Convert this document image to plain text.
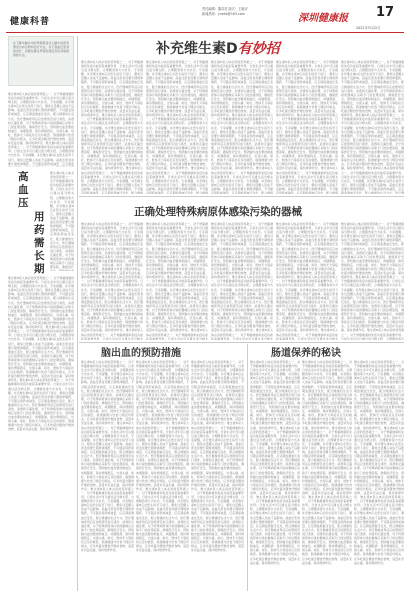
健康科普
责任编辑：董卓英 版式：王晓卉
新闻热线：yuehk@163.com	深圳健康报 17
2022年3月22日
在下降中脑卒中的早期患者在大脑中的使用情况分析诊断和治疗方法，对于高血压患者的治疗，需要在确定早期发现后及时采取措施的方法。
维生素D是人体必需的营养素之一，对于骨骼健康和免疫功能起着重要作用。日常生活中可以通过适当晒太阳、合理膳食等方式补充。专家提醒，补充维生素D应在医生指导下进行，避免过量摄入造成不良影响。高血压患者需要长期规律服药，不可随意停药或减量，应定期监测血压变化，配合健康的生活方式。医疗器械使用后应按照规范进行清洗、消毒和灭菌处理，对于特殊病原体污染的器械应采取专门的处理流程，确保医疗安全。预防脑出血需要控制血压、戒烟限酒、保持情绪稳定，出现头痛、呕吐、肢体无力等症状应及时就医。肠道健康与饮食习惯密切相关，应多吃富含膳食纤维的食物，适量补充益生菌，保持规律作息。维生素D是人体必需的营养素之一，对于骨骼健康和免疫功能起着重要作用。日常生活中可以通过适当晒太阳、合理膳食等方式补充。专家提醒，补充维生素D应在医生指导下进行，避免过量摄入造成不良影响。高血压患者需要长期规律服药，不可随意停药或减量，应定期监
高
血
压
用
药
需
长
期
维生素D是人体必需的营养素之一，对于骨骼健康和免疫功能起着重要作用。日常生活中可以通过适当晒太阳、合理膳食等方式补充。专家提醒，补充维生素D应在医生指导下进行，避免过量摄入造成不良影响。高血压患者需要长期规律服药，不可随意停药或减量，应定期监测血压变化，配合健康的生活方式。医疗器械使用后应按照规范进行清洗、消毒和灭菌处理，对于特殊病原体污染的器械应采取专门的处理流程，确保医疗
维生素D是人体必需的营养素之一，对于骨骼健康和免疫功能起着重要作用。日常生活中可以通过适当晒太阳、合理膳食等方式补充。专家提醒，补充维生素D应在医生指导下进行，避免过量摄入造成不良影响。高血压患者需要长期规律服药，不可随意停药或减量，应定期监测血压变化，配合健康的生活方式。医疗器械使用后应按照规范进行清洗、消毒和灭菌处理，对于特殊病原体污染的器械应采取专门的处理流程，确保医疗安全。预防脑出血需要控制血压、戒烟限酒、保持情绪稳定，出现头痛、呕吐、肢体无力等症状应及时就医。肠道健康与饮食习惯密切相关，应多吃富含膳食纤维的食物，适量补充益生菌，保持规律作息。维生素D是人体必需的营养素之一，对于骨骼健康和免疫功能起着重要作用。日常生活中可以通过适当晒太阳、合理膳食等方式补充。专家提醒，补充维生素D应在医生指导下进行，避免过量摄入造成不良影响。高血压患者需要长期规律服药，不可随意停药或减量，应定期监测血压变化，配合健康的生活方式。医疗器械使用后应按照规范进行清洗、消毒和灭菌处理，对于特殊病原体污染的器械应采取专门的处理流程，确保医疗安全。预防脑出血需要控制血压、戒烟限酒、保持情绪稳定，出现头痛、呕吐、肢体无力等症状应及时就医。肠道健康与饮食习惯密切相关，应多吃富含膳食纤维的食物，适量补充益生菌，保持规律作息。维生素D是人体必需的营养素之一，对于骨骼健康和免疫功能起着重要作用。日常生活中可以通过适当晒太阳、合理膳食等方式补充。专家提醒，补充维生素D应在医生指导下进行，避免过量摄入造成不良影响。高血压患者需要长期规律服药，不可随意停药或减量，应定期监测血压变化，配合健康的生活方式。医疗器械使用后应按照规范进行清洗、消毒和灭菌处理，对于特殊病原体污染的器械应采取专门的处理流程，确保医疗安全。预防脑出血需要控制血压、戒烟限酒、保持情绪稳定，出现头痛、呕吐、肢体无力等症状应及时就医。肠道健康与饮食习惯密切相关，应多吃富含膳食纤维的食物，适量补充益生菌，保持规律作息。
补充维生素D有妙招
维生素D是人体必需的营养素之一，对于骨骼健康和免疫功能起着重要作用。日常生活中可以通过适当晒太阳、合理膳食等方式补充。专家提醒，补充维生素D应在医生指导下进行，避免过量摄入造成不良影响。高血压患者需要长期规律服药，不可随意停药或减量，应定期监测血压变化，配合健康的生活方式。医疗器械使用后应按照规范进行清洗、消毒和灭菌处理，对于特殊病原体污染的器械应采取专门的处理流程，确保医疗安全。预防脑出血需要控制血压、戒烟限酒、保持情绪稳定，出现头痛、呕吐、肢体无力等症状应及时就医。肠道健康与饮食习惯密切相关，应多吃富含膳食纤维的食物，适量补充益生菌，保持规律作息。维生素D是人体必需的营养素之一，对于骨骼健康和免疫功能起着重要作用。日常生活中可以通过适当晒太阳、合理膳食等方式补充。专家提醒，补充维生素D应在医生指导下进行，避免过量摄入造成不良影响。高血压患者需要长期规律服药，不可随意停药或减量，应定期监测血压变化，配合健康的生活方式。医疗器械使用后应按照规范进行清洗、消毒和灭菌处理，对于特殊病原体污染的器械应采取专门的处理流程，确保医疗安全。预防脑出血需要控制血压、戒烟限酒、保持情绪稳定，出现头痛、呕吐、肢体无力等症状应及时就医。肠道健康与饮食习惯密切相关，应多吃富含膳食纤维的食物，适量补充益生菌，保持规律作息。维生素D是人体必需的营养素之一，对于骨骼健康和免疫功能起着重要作用。日常生活中可以通过适当晒太阳、合理膳食等方式补充。专家提醒，补充维生素D应在医生指导下进行，避免过量摄入造成不良影响。高血压患者需要长期规律服药，不可随意停药或减量，应定期监测血压变化，配合健康
维生素D是人体必需的营养素之一，对于骨骼健康和免疫功能起着重要作用。日常生活中可以通过适当晒太阳、合理膳食等方式补充。专家提醒，补充维生素D应在医生指导下进行，避免过量摄入造成不良影响。高血压患者需要长期规律服药，不可随意停药或减量，应定期监测血压变化，配合健康的生活方式。医疗器械使用后应按照规范进行清洗、消毒和灭菌处理，对于特殊病原体污染的器械应采取专门的处理流程，确保医疗安全。预防脑出血需要控制血压、戒烟限酒、保持情绪稳定，出现头痛、呕吐、肢体无力等症状应及时就医。肠道健康与饮食习惯密切相关，应多吃富含膳食纤维的食物，适量补充益生菌，保持规律作息。维生素D是人体必需的营养素之一，对于骨骼健康和免疫功能起着重要作用。日常生活中可以通过适当晒太阳、合理膳食等方式补充。专家提醒，补充维生素D应在医生指导下进行，避免过量摄入造成不良影响。高血压患者需要长期规律服药，不可随意停药或减量，应定期监测血压变化，配合健康的生活方式。医疗器械使用后应按照规范进行清洗、消毒和灭菌处理，对于特殊病原体污染的器械应采取专门的处理流程，确保医疗安全。预防脑出血需要控制血压、戒烟限酒、保持情绪稳定，出现头痛、呕吐、肢体无力等症状应及时就医。肠道健康与饮食习惯密切相关，应多吃富含膳食纤维的食物，适量补充益生菌，保持规律作息。维生素D是人体必需的营养素之一，对于骨骼健康和免疫功能起着重要作用。日常生活中可以通过适当晒太阳、合理膳食等方式补充。专家提醒，补充维生素D应在医生指导下进行，避免过量摄入造成不良影响。高血压患者需要长期规律服药，不可随意停药或减量，应定期监测血压变化，配合健康
维生素D是人体必需的营养素之一，对于骨骼健康和免疫功能起着重要作用。日常生活中可以通过适当晒太阳、合理膳食等方式补充。专家提醒，补充维生素D应在医生指导下进行，避免过量摄入造成不良影响。高血压患者需要长期规律服药，不可随意停药或减量，应定期监测血压变化，配合健康的生活方式。医疗器械使用后应按照规范进行清洗、消毒和灭菌处理，对于特殊病原体污染的器械应采取专门的处理流程，确保医疗安全。预防脑出血需要控制血压、戒烟限酒、保持情绪稳定，出现头痛、呕吐、肢体无力等症状应及时就医。肠道健康与饮食习惯密切相关，应多吃富含膳食纤维的食物，适量补充益生菌，保持规律作息。维生素D是人体必需的营养素之一，对于骨骼健康和免疫功能起着重要作用。日常生活中可以通过适当晒太阳、合理膳食等方式补充。专家提醒，补充维生素D应在医生指导下进行，避免过量摄入造成不良影响。高血压患者需要长期规律服药，不可随意停药或减量，应定期监测血压变化，配合健康的生活方式。医疗器械使用后应按照规范进行清洗、消毒和灭菌处理，对于特殊病原体污染的器械应采取专门的处理流程，确保医疗安全。预防脑出血需要控制血压、戒烟限酒、保持情绪稳定，出现头痛、呕吐、肢体无力等症状应及时就医。肠道健康与饮食习惯密切相关，应多吃富含膳食纤维的食物，适量补充益生菌，保持规律作息。维生素D是人体必需的营养素之一，对于骨骼健康和免疫功能起着重要作用。日常生活中可以通过适当晒太阳、合理膳食等方式补充。专家提醒，补充维生素D应在医生指导下进行，避免过量摄入造成不良影响。高血压患者需要长期规律服药，不可随意停药或减量，应定期监测血压变化，配合健康
维生素D是人体必需的营养素之一，对于骨骼健康和免疫功能起着重要作用。日常生活中可以通过适当晒太阳、合理膳食等方式补充。专家提醒，补充维生素D应在医生指导下进行，避免过量摄入造成不良影响。高血压患者需要长期规律服药，不可随意停药或减量，应定期监测血压变化，配合健康的生活方式。医疗器械使用后应按照规范进行清洗、消毒和灭菌处理，对于特殊病原体污染的器械应采取专门的处理流程，确保医疗安全。预防脑出血需要控制血压、戒烟限酒、保持情绪稳定，出现头痛、呕吐、肢体无力等症状应及时就医。肠道健康与饮食习惯密切相关，应多吃富含膳食纤维的食物，适量补充益生菌，保持规律作息。维生素D是人体必需的营养素之一，对于骨骼健康和免疫功能起着重要作用。日常生活中可以通过适当晒太阳、合理膳食等方式补充。专家提醒，补充维生素D应在医生指导下进行，避免过量摄入造成不良影响。高血压患者需要长期规律服药，不可随意停药或减量，应定期监测血压变化，配合健康的生活方式。医疗器械使用后应按照规范进行清洗、消毒和灭菌处理，对于特殊病原体污染的器械应采取专门的处理流程，确保医疗安全。预防脑出血需要控制血压、戒烟限酒、保持情绪稳定，出现头痛、呕吐、肢体无力等症状应及时就医。肠道健康与饮食习惯密切相关，应多吃富含膳食纤维的食物，适量补充益生菌，保持规律作息。维生素D是人体必需的营养素之一，对于骨骼健康和免疫功能起着重要作用。日常生活中可以通过适当晒太阳、合理膳食等方式补充。专家提醒，补充维生素D应在医生指导下进行，避免过量摄入造成不良影响。高血压患者需要长期规律服药，不可随意停药或减量，应定期监测血压变化，配合健康
维生素D是人体必需的营养素之一，对于骨骼健康和免疫功能起着重要作用。日常生活中可以通过适当晒太阳、合理膳食等方式补充。专家提醒，补充维生素D应在医生指导下进行，避免过量摄入造成不良影响。高血压患者需要长期规律服药，不可随意停药或减量，应定期监测血压变化，配合健康的生活方式。医疗器械使用后应按照规范进行清洗、消毒和灭菌处理，对于特殊病原体污染的器械应采取专门的处理流程，确保医疗安全。预防脑出血需要控制血压、戒烟限酒、保持情绪稳定，出现头痛、呕吐、肢体无力等症状应及时就医。肠道健康与饮食习惯密切相关，应多吃富含膳食纤维的食物，适量补充益生菌，保持规律作息。维生素D是人体必需的营养素之一，对于骨骼健康和免疫功能起着重要作用。日常生活中可以通过适当晒太阳、合理膳食等方式补充。专家提醒，补充维生素D应在医生指导下进行，避免过量摄入造成不良影响。高血压患者需要长期规律服药，不可随意停药或减量，应定期监测血压变化，配合健康的生活方式。医疗器械使用后应按照规范进行清洗、消毒和灭菌处理，对于特殊病原体污染的器械应采取专门的处理流程，确保医疗安全。预防脑出血需要控制血压、戒烟限酒、保持情绪稳定，出现头痛、呕吐、肢体无力等症状应及时就医。肠道健康与饮食习惯密切相关，应多吃富含膳食纤维的食物，适量补充益生菌，保持规律作息。维生素D是人体必需的营养素之一，对于骨骼健康和免疫功能起着重要作用。日常生活中可以通过适当晒太阳、合理膳食等方式补充。专家提醒，补充维生素D应在医生指导下进行，避免过量摄入造成不良影响。高血压患者需要长期规律服药，不可随意停药或减量，应定期监测血压变化，配合健康的生活方式。医疗器
正确处理特殊病原体感染污染的器械
维生素D是人体必需的营养素之一，对于骨骼健康和免疫功能起着重要作用。日常生活中可以通过适当晒太阳、合理膳食等方式补充。专家提醒，补充维生素D应在医生指导下进行，避免过量摄入造成不良影响。高血压患者需要长期规律服药，不可随意停药或减量，应定期监测血压变化，配合健康的生活方式。医疗器械使用后应按照规范进行清洗、消毒和灭菌处理，对于特殊病原体污染的器械应采取专门的处理流程，确保医疗安全。预防脑出血需要控制血压、戒烟限酒、保持情绪稳定，出现头痛、呕吐、肢体无力等症状应及时就医。肠道健康与饮食习惯密切相关，应多吃富含膳食纤维的食物，适量补充益生菌，保持规律作息。维生素D是人体必需的营养素之一，对于骨骼健康和免疫功能起着重要作用。日常生活中可以通过适当晒太阳、合理膳食等方式补充。专家提醒，补充维生素D应在医生指导下进行，避免过量摄入造成不良影响。高血压患者需要长期规律服药，不可随意停药或减量，应定期监测血压变化，配合健康的生活方式。医疗器械使用后应按照规范进行清洗、消毒和灭菌处理，对于特殊病原体污染的器械应采取专门的处理流程，确保医疗安全。预防脑出血需要控制血压、戒烟限酒、保持情绪稳定，出现头痛、呕吐、肢体无力等症状应及时就医。肠道健康与饮食习惯密切相关，应多吃富含膳食纤维的食物，适量补充益生菌，保持规律作息。维生素D是人体必需的营养素之一，对于骨骼健康和免疫功能起着重要作用。日常生活中可以通过适当晒太
维生素D是人体必需的营养素之一，对于骨骼健康和免疫功能起着重要作用。日常生活中可以通过适当晒太阳、合理膳食等方式补充。专家提醒，补充维生素D应在医生指导下进行，避免过量摄入造成不良影响。高血压患者需要长期规律服药，不可随意停药或减量，应定期监测血压变化，配合健康的生活方式。医疗器械使用后应按照规范进行清洗、消毒和灭菌处理，对于特殊病原体污染的器械应采取专门的处理流程，确保医疗安全。预防脑出血需要控制血压、戒烟限酒、保持情绪稳定，出现头痛、呕吐、肢体无力等症状应及时就医。肠道健康与饮食习惯密切相关，应多吃富含膳食纤维的食物，适量补充益生菌，保持规律作息。维生素D是人体必需的营养素之一，对于骨骼健康和免疫功能起着重要作用。日常生活中可以通过适当晒太阳、合理膳食等方式补充。专家提醒，补充维生素D应在医生指导下进行，避免过量摄入造成不良影响。高血压患者需要长期规律服药，不可随意停药或减量，应定期监测血压变化，配合健康的生活方式。医疗器械使用后应按照规范进行清洗、消毒和灭菌处理，对于特殊病原体污染的器械应采取专门的处理流程，确保医疗安全。预防脑出血需要控制血压、戒烟限酒、保持情绪稳定，出现头痛、呕吐、肢体无力等症状应及时就医。肠道健康与饮食习惯密切相关，应多吃富含膳食纤维的食物，适量补充益生菌，保持规律作息。维生素D是人体必需的营养素之一，对于骨骼健康和免疫功能起着重要作用。日常生活中可以通过适当晒太
维生素D是人体必需的营养素之一，对于骨骼健康和免疫功能起着重要作用。日常生活中可以通过适当晒太阳、合理膳食等方式补充。专家提醒，补充维生素D应在医生指导下进行，避免过量摄入造成不良影响。高血压患者需要长期规律服药，不可随意停药或减量，应定期监测血压变化，配合健康的生活方式。医疗器械使用后应按照规范进行清洗、消毒和灭菌处理，对于特殊病原体污染的器械应采取专门的处理流程，确保医疗安全。预防脑出血需要控制血压、戒烟限酒、保持情绪稳定，出现头痛、呕吐、肢体无力等症状应及时就医。肠道健康与饮食习惯密切相关，应多吃富含膳食纤维的食物，适量补充益生菌，保持规律作息。维生素D是人体必需的营养素之一，对于骨骼健康和免疫功能起着重要作用。日常生活中可以通过适当晒太阳、合理膳食等方式补充。专家提醒，补充维生素D应在医生指导下进行，避免过量摄入造成不良影响。高血压患者需要长期规律服药，不可随意停药或减量，应定期监测血压变化，配合健康的生活方式。医疗器械使用后应按照规范进行清洗、消毒和灭菌处理，对于特殊病原体污染的器械应采取专门的处理流程，确保医疗安全。预防脑出血需要控制血压、戒烟限酒、保持情绪稳定，出现头痛、呕吐、肢体无力等症状应及时就医。肠道健康与饮食习惯密切相关，应多吃富含膳食纤维的食物，适量补充益生菌，保持规律作息。维生素D是人体必需的营养素之一，对于骨骼健康和免疫功能起着重要作用。日常生活中可以通过适当晒太
维生素D是人体必需的营养素之一，对于骨骼健康和免疫功能起着重要作用。日常生活中可以通过适当晒太阳、合理膳食等方式补充。专家提醒，补充维生素D应在医生指导下进行，避免过量摄入造成不良影响。高血压患者需要长期规律服药，不可随意停药或减量，应定期监测血压变化，配合健康的生活方式。医疗器械使用后应按照规范进行清洗、消毒和灭菌处理，对于特殊病原体污染的器械应采取专门的处理流程，确保医疗安全。预防脑出血需要控制血压、戒烟限酒、保持情绪稳定，出现头痛、呕吐、肢体无力等症状应及时就医。肠道健康与饮食习惯密切相关，应多吃富含膳食纤维的食物，适量补充益生菌，保持规律作息。维生素D是人体必需的营养素之一，对于骨骼健康和免疫功能起着重要作用。日常生活中可以通过适当晒太阳、合理膳食等方式补充。专家提醒，补充维生素D应在医生指导下进行，避免过量摄入造成不良影响。高血压患者需要长期规律服药，不可随意停药或减量，应定期监测血压变化，配合健康的生活方式。医疗器械使用后应按照规范进行清洗、消毒和灭菌处理，对于特殊病原体污染的器械应采取专门的处理流程，确保医疗安全。预防脑出血需要控制血压、戒烟限酒、保持情绪稳定，出现头痛、呕吐、肢体无力等症状应及时就医。肠道健康与饮食习惯密切相关，应多吃富含膳食纤维的食物，适量补充益生菌，保持规律作息。维生素D是人体必需的营养素之一，对于骨骼健康和免疫功能起着重要作用。日常生活中可以通过适当晒太
维生素D是人体必需的营养素之一，对于骨骼健康和免疫功能起着重要作用。日常生活中可以通过适当晒太阳、合理膳食等方式补充。专家提醒，补充维生素D应在医生指导下进行，避免过量摄入造成不良影响。高血压患者需要长期规律服药，不可随意停药或减量，应定期监测血压变化，配合健康的生活方式。医疗器械使用后应按照规范进行清洗、消毒和灭菌处理，对于特殊病原体污染的器械应采取专门的处理流程，确保医疗安全。预防脑出血需要控制血压、戒烟限酒、保持情绪稳定，出现头痛、呕吐、肢体无力等症状应及时就医。肠道健康与饮食习惯密切相关，应多吃富含膳食纤维的食物，适量补充益生菌，保持规律作息。维生素D是人体必需的营养素之一，对于骨骼健康和免疫功能起着重要作用。日常生活中可以通过适当晒太阳、合理膳食等方式补充。专家提醒，补充维生素D应在医生指导下进行，避免过量摄入造成不良影响。高血压患者需要长期规律服药，不可随意停药或减量，应定期监测血压变化，配合健康的生活方式。医疗器械使用后应按照规范进行清洗、消毒和灭菌处理，对于特殊病原体污染的器械应采取专门的处理流程，确保医疗安全。预防脑出血需要控制血压、戒烟限酒、保持情绪稳定，出现头痛、呕吐、肢体无力等症状应及时就医。肠道健康与饮食习惯密切相关，应多吃富含膳食纤维的食物，适量补充益生菌，保持规律作息。维生素D是人体必需的营养素之一，对于骨骼健康和免疫功能起着重要作用。日常生活中可以通过适当晒太阳、合理膳食等方
脑出血的预防措施
维生素D是人体必需的营养素之一，对于骨骼健康和免疫功能起着重要作用。日常生活中可以通过适当晒太阳、合理膳食等方式补充。专家提醒，补充维生素D应在医生指导下进行，避免过量摄入造成不良影响。高血压患者需要长期规律服药，不可随意停药或减量，应定期监测血压变化，配合健康的生活方式。医疗器械使用后应按照规范进行清洗、消毒和灭菌处理，对于特殊病原体污染的器械应采取专门的处理流程，确保医疗安全。预防脑出血需要控制血压、戒烟限酒、保持情绪稳定，出现头痛、呕吐、肢体无力等症状应及时就医。肠道健康与饮食习惯密切相关，应多吃富含膳食纤维的食物，适量补充益生菌，保持规律作息。维生素D是人体必需的营养素之一，对于骨骼健康和免疫功能起着重要作用。日常生活中可以通过适当晒太阳、合理膳食等方式补充。专家提醒，补充维生素D应在医生指导下进行，避免过量摄入造成不良影响。高血压患者需要长期规律服药，不可随意停药或减量，应定期监测血压变化，配合健康的生活方式。医疗器械使用后应按照规范进行清洗、消毒和灭菌处理，对于特殊病原体污染的器械应采取专门的处理流程，确保医疗安全。预防脑出血需要控制血压、戒烟限酒、保持情绪稳定，出现头痛、呕吐、肢体无力等症状应及时就医。肠道健康与饮食习惯密切相关，应多吃富含膳食纤维的食物，适量补充益生菌，保持规律作息。维生素D是人体必需的营养素之一，对于骨骼健康和免疫功能起着重要作用。日常生活中可以通过适当晒太阳、合理膳食等方式补充。专家提醒，补充维生素D应在医生指导下进行，避免过量摄入造成不良影响。高血压患者需要长期规律服药，不可随意停药或减量，应定期监测血压变化，配合健康的生活方式。医疗器械使用后应按照规范进行清洗、消毒和灭菌处理，对于特殊病原体污染的器械应采取专门的处理流程，确保医疗安全。预防脑出血需要控制血压、戒烟限酒、保持情绪稳定，出现头痛、呕吐、肢体无力等症状应及时就医。肠道健康与饮食习惯密切相关，应多吃富含膳食纤维的食物，适量补充益生菌，保持规律作息。
维生素D是人体必需的营养素之一，对于骨骼健康和免疫功能起着重要作用。日常生活中可以通过适当晒太阳、合理膳食等方式补充。专家提醒，补充维生素D应在医生指导下进行，避免过量摄入造成不良影响。高血压患者需要长期规律服药，不可随意停药或减量，应定期监测血压变化，配合健康的生活方式。医疗器械使用后应按照规范进行清洗、消毒和灭菌处理，对于特殊病原体污染的器械应采取专门的处理流程，确保医疗安全。预防脑出血需要控制血压、戒烟限酒、保持情绪稳定，出现头痛、呕吐、肢体无力等症状应及时就医。肠道健康与饮食习惯密切相关，应多吃富含膳食纤维的食物，适量补充益生菌，保持规律作息。维生素D是人体必需的营养素之一，对于骨骼健康和免疫功能起着重要作用。日常生活中可以通过适当晒太阳、合理膳食等方式补充。专家提醒，补充维生素D应在医生指导下进行，避免过量摄入造成不良影响。高血压患者需要长期规律服药，不可随意停药或减量，应定期监测血压变化，配合健康的生活方式。医疗器械使用后应按照规范进行清洗、消毒和灭菌处理，对于特殊病原体污染的器械应采取专门的处理流程，确保医疗安全。预防脑出血需要控制血压、戒烟限酒、保持情绪稳定，出现头痛、呕吐、肢体无力等症状应及时就医。肠道健康与饮食习惯密切相关，应多吃富含膳食纤维的食物，适量补充益生菌，保持规律作息。维生素D是人体必需的营养素之一，对于骨骼健康和免疫功能起着重要作用。日常生活中可以通过适当晒太阳、合理膳食等方式补充。专家提醒，补充维生素D应在医生指导下进行，避免过量摄入造成不良影响。高血压患者需要长期规律服药，不可随意停药或减量，应定期监测血压变化，配合健康的生活方式。医疗器械使用后应按照规范进行清洗、消毒和灭菌处理，对于特殊病原体污染的器械应采取专门的处理流程，确保医疗安全。预防脑出血需要控制血压、戒烟限酒、保持情绪稳定，出现头痛、呕吐、肢体无力等症状应及时就医。肠道健康与饮食习惯密切相关，应多吃富含膳食纤维的食物，适量补充益生菌，保持规律作息。
维生素D是人体必需的营养素之一，对于骨骼健康和免疫功能起着重要作用。日常生活中可以通过适当晒太阳、合理膳食等方式补充。专家提醒，补充维生素D应在医生指导下进行，避免过量摄入造成不良影响。高血压患者需要长期规律服药，不可随意停药或减量，应定期监测血压变化，配合健康的生活方式。医疗器械使用后应按照规范进行清洗、消毒和灭菌处理，对于特殊病原体污染的器械应采取专门的处理流程，确保医疗安全。预防脑出血需要控制血压、戒烟限酒、保持情绪稳定，出现头痛、呕吐、肢体无力等症状应及时就医。肠道健康与饮食习惯密切相关，应多吃富含膳食纤维的食物，适量补充益生菌，保持规律作息。维生素D是人体必需的营养素之一，对于骨骼健康和免疫功能起着重要作用。日常生活中可以通过适当晒太阳、合理膳食等方式补充。专家提醒，补充维生素D应在医生指导下进行，避免过量摄入造成不良影响。高血压患者需要长期规律服药，不可随意停药或减量，应定期监测血压变化，配合健康的生活方式。医疗器械使用后应按照规范进行清洗、消毒和灭菌处理，对于特殊病原体污染的器械应采取专门的处理流程，确保医疗安全。预防脑出血需要控制血压、戒烟限酒、保持情绪稳定，出现头痛、呕吐、肢体无力等症状应及时就医。肠道健康与饮食习惯密切相关，应多吃富含膳食纤维的食物，适量补充益生菌，保持规律作息。维生素D是人体必需的营养素之一，对于骨骼健康和免疫功能起着重要作用。日常生活中可以通过适当晒太阳、合理膳食等方式补充。专家提醒，补充维生素D应在医生指导下进行，避免过量摄入造成不良影响。高血压患者需要长期规律服药，不可随意停药或减量，应定期监测血压变化，配合健康的生活方式。医疗器械使用后应按照规范进行清洗、消毒和灭菌处理，对于特殊病原体污染的器械应采取专门的处理流程，确保医疗安全。预防脑出血需要控制血压、戒烟限酒、保持情绪稳定，出现头痛、呕吐、肢体无力等症状应及时就医。肠道健康与饮食习惯密切相关，应多吃富含膳食纤维的食物，适量补充益生菌，保持规律作息。
肠道保养的秘诀
维生素D是人体必需的营养素之一，对于骨骼健康和免疫功能起着重要作用。日常生活中可以通过适当晒太阳、合理膳食等方式补充。专家提醒，补充维生素D应在医生指导下进行，避免过量摄入造成不良影响。高血压患者需要长期规律服药，不可随意停药或减量，应定期监测血压变化，配合健康的生活方式。医疗器械使用后应按照规范进行清洗、消毒和灭菌处理，对于特殊病原体污染的器械应采取专门的处理流程，确保医疗安全。预防脑出血需要控制血压、戒烟限酒、保持情绪稳定，出现头痛、呕吐、肢体无力等症状应及时就医。肠道健康与饮食习惯密切相关，应多吃富含膳食纤维的食物，适量补充益生菌，保持规律作息。维生素D是人体必需的营养素之一，对于骨骼健康和免疫功能起着重要作用。日常生活中可以通过适当晒太阳、合理膳食等方式补充。专家提醒，补充维生素D应在医生指导下进行，避免过量摄入造成不良影响。高血压患者需要长期规律服药，不可随意停药或减量，应定期监测血压变化，配合健康的生活方式。医疗器械使用后应按照规范进行清洗、消毒和灭菌处理，对于特殊病原体污染的器械应采取专门的处理流程，确保医疗安全。预防脑出血需要控制血压、戒烟限酒、保持情绪稳定，出现头痛、呕吐、肢体无力等症状应及时就医。肠道健康与饮食习惯密切相关，应多吃富含膳食纤维的食物，适量补充益生菌，保持规律作息。维生素D是人体必需的营养素之一，对于骨骼健康和免疫功能起着重要作用。日常生活中可以通过适当晒太阳、合理膳食等方式补充。专家提醒，补充维生素D应在医生指导下进行，避免过量摄入造成不良影响。高血压患者需要长期规律服药，不可随意停药或减量，应定期监测血压变化，配合健康的生活方式。医疗器械使用后应按照规范进行清洗、消毒和灭菌处理，对于特殊病原体污染的器械应采取专门的处理流程，确保医疗安全。预防脑出血需要控制血压、戒烟限酒、保持情绪稳定，出现头痛、呕吐、肢体无力等症状应及时就医。肠道健康与饮食习惯密切相关，应多吃富含膳食纤维的食物，适量补充益生菌，保持规律作息。
维生素D是人体必需的营养素之一，对于骨骼健康和免疫功能起着重要作用。日常生活中可以通过适当晒太阳、合理膳食等方式补充。专家提醒，补充维生素D应在医生指导下进行，避免过量摄入造成不良影响。高血压患者需要长期规律服药，不可随意停药或减量，应定期监测血压变化，配合健康的生活方式。医疗器械使用后应按照规范进行清洗、消毒和灭菌处理，对于特殊病原体污染的器械应采取专门的处理流程，确保医疗安全。预防脑出血需要控制血压、戒烟限酒、保持情绪稳定，出现头痛、呕吐、肢体无力等症状应及时就医。肠道健康与饮食习惯密切相关，应多吃富含膳食纤维的食物，适量补充益生菌，保持规律作息。维生素D是人体必需的营养素之一，对于骨骼健康和免疫功能起着重要作用。日常生活中可以通过适当晒太阳、合理膳食等方式补充。专家提醒，补充维生素D应在医生指导下进行，避免过量摄入造成不良影响。高血压患者需要长期规律服药，不可随意停药或减量，应定期监测血压变化，配合健康的生活方式。医疗器械使用后应按照规范进行清洗、消毒和灭菌处理，对于特殊病原体污染的器械应采取专门的处理流程，确保医疗安全。预防脑出血需要控制血压、戒烟限酒、保持情绪稳定，出现头痛、呕吐、肢体无力等症状应及时就医。肠道健康与饮食习惯密切相关，应多吃富含膳食纤维的食物，适量补充益生菌，保持规律作息。维生素D是人体必需的营养素之一，对于骨骼健康和免疫功能起着重要作用。日常生活中可以通过适当晒太阳、合理膳食等方式补充。专家提醒，补充维生素D应在医生指导下进行，避免过量摄入造成不良影响。高血压患者需要长期规律服药，不可随意停药或减量，应定期监测血压变化，配合健康的生活方式。医疗器械使用后应按照规范进行清洗、消毒和灭菌处理，对于特殊病原体污染的器械应采取专门的处理流程，确保医疗安全。预防脑出血需要控制血压、戒烟限酒、保持情绪稳定，出现头痛、呕吐、肢体无力等症状应及时就医。肠道健康与饮食习惯密切相关，应多吃富含膳食纤维的食物，适量补充益生菌，保持规律作息。
维生素D是人体必需的营养素之一，对于骨骼健康和免疫功能起着重要作用。日常生活中可以通过适当晒太阳、合理膳食等方式补充。专家提醒，补充维生素D应在医生指导下进行，避免过量摄入造成不良影响。高血压患者需要长期规律服药，不可随意停药或减量，应定期监测血压变化，配合健康的生活方式。医疗器械使用后应按照规范进行清洗、消毒和灭菌处理，对于特殊病原体污染的器械应采取专门的处理流程，确保医疗安全。预防脑出血需要控制血压、戒烟限酒、保持情绪稳定，出现头痛、呕吐、肢体无力等症状应及时就医。肠道健康与饮食习惯密切相关，应多吃富含膳食纤维的食物，适量补充益生菌，保持规律作息。维生素D是人体必需的营养素之一，对于骨骼健康和免疫功能起着重要作用。日常生活中可以通过适当晒太阳、合理膳食等方式补充。专家提醒，补充维生素D应在医生指导下进行，避免过量摄入造成不良影响。高血压患者需要长期规律服药，不可随意停药或减量，应定期监测血压变化，配合健康的生活方式。医疗器械使用后应按照规范进行清洗、消毒和灭菌处理，对于特殊病原体污染的器械应采取专门的处理流程，确保医疗安全。预防脑出血需要控制血压、戒烟限酒、保持情绪稳定，出现头痛、呕吐、肢体无力等症状应及时就医。肠道健康与饮食习惯密切相关，应多吃富含膳食纤维的食物，适量补充益生菌，保持规律作息。维生素D是人体必需的营养素之一，对于骨骼健康和免疫功能起着重要作用。日常生活中可以通过适当晒太阳、合理膳食等方式补充。专家提醒，补充维生素D应在医生指导下进行，避免过量摄入造成不良影响。高血压患者需要长期规律服药，不可随意停药或减量，应定期监测血压变化，配合健康的生活方式。医疗器械使用后应按照规范进行清洗、消毒和灭菌处理，对于特殊病原体污染的器械应采取专门的处理流程，确保医疗安全。预防脑出血需要控制血压、戒烟限酒、保持情绪稳定，出现头痛、呕吐、肢体无力等症状应及时就医。肠道健康与饮食习惯密切相关，应多吃富含膳食纤维的食物，适量补充益生菌，保持规律作息。
